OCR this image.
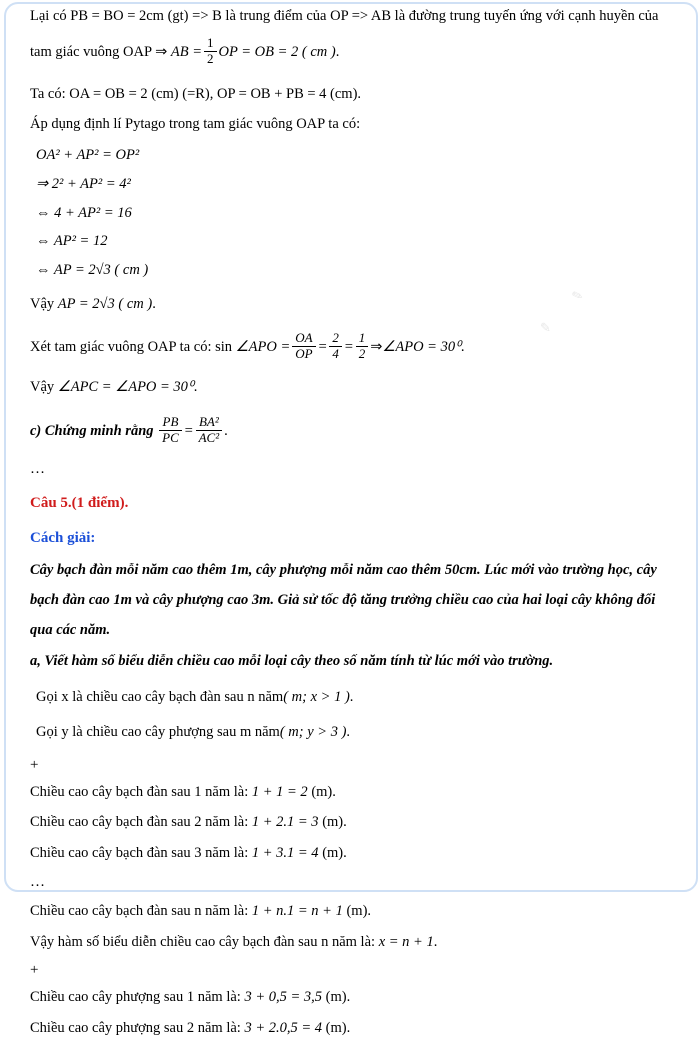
✎
✎

Lại có PB = BO = 2cm (gt) => B là trung điểm của OP => AB là đường trung tuyến ứng với cạnh huyền của

tam giác vuông OAP ⇒ AB = $\frac{1}{2}$ OP = OB = 2 ( cm ).

Ta có: OA = OB = 2 (cm) (=R), OP = OB + PB = 4 (cm).

Áp dụng định lí Pytago trong tam giác vuông OAP ta có:

OA² + AP² = OP²

⇒ 2² + AP² = 4²

⇔ 4 + AP² = 16

⇔ AP² = 12

⇔ AP = 2√3 ( cm )

Vậy AP = 2√3 ( cm ).

Xét tam giác vuông OAP ta có: sin ∠APO = $\frac{OA}{OP} = \frac{2}{4} = \frac{1}{2}$ ⇒∠APO = 30⁰.

Vậy ∠APC = ∠APO = 30⁰.

c) Chứng minh rằng $\frac{PB}{PC} = \frac{\text{BA²}}{\text{AC²}}$ .

…

Câu 5.(1 điểm).

Cách giải:

Cây bạch đàn mỗi năm cao thêm 1m, cây phượng mỗi năm cao thêm 50cm. Lúc mới vào trường học, cây

bạch đàn cao 1m và cây phượng cao 3m. Giả sử tốc độ tăng trưởng chiều cao của hai loại cây không đổi

qua các năm.

a, Viết hàm số biểu diễn chiều cao mỗi loại cây theo số năm tính từ lúc mới vào trường.

Gọi x là chiều cao cây bạch đàn sau n năm( m; x > 1 ).

Gọi y là chiều cao cây phượng sau m năm( m; y > 3 ).

+

Chiều cao cây bạch đàn sau 1 năm là: 1 + 1 = 2 (m).

Chiều cao cây bạch đàn sau 2 năm là: 1 + 2.1 = 3 (m).

Chiều cao cây bạch đàn sau 3 năm là: 1 + 3.1 = 4 (m).

…

Chiều cao cây bạch đàn sau n năm là: 1 + n.1 = n + 1 (m).

Vậy hàm số biểu diễn chiều cao cây bạch đàn sau n năm là: x = n + 1.

+

Chiều cao cây phượng sau 1 năm là: 3 + 0,5 = 3,5 (m).

Chiều cao cây phượng sau 2 năm là: 3 + 2.0,5 = 4 (m).
